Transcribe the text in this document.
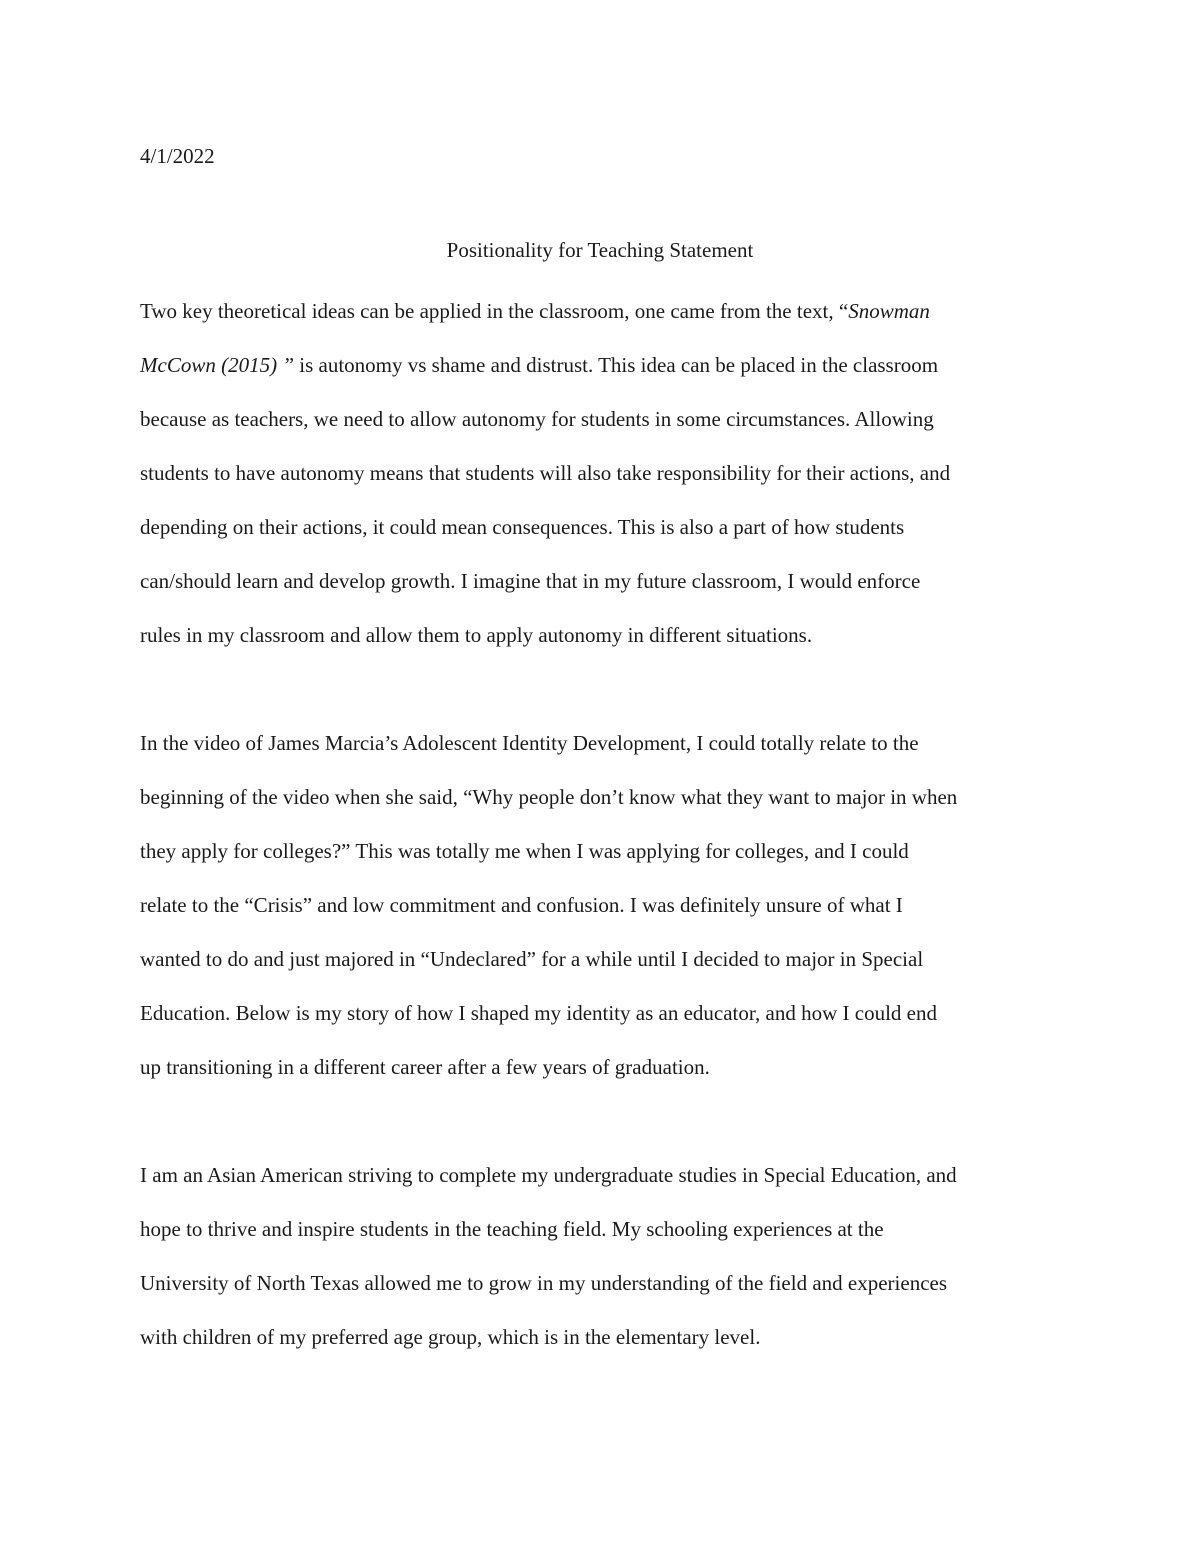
4/1/2022
Positionality for Teaching Statement
Two key theoretical ideas can be applied in the classroom, one came from the text, “Snowman
McCown (2015) ” is autonomy vs shame and distrust. This idea can be placed in the classroom
because as teachers, we need to allow autonomy for students in some circumstances. Allowing
students to have autonomy means that students will also take responsibility for their actions, and
depending on their actions, it could mean consequences. This is also a part of how students
can/should learn and develop growth. I imagine that in my future classroom, I would enforce
rules in my classroom and allow them to apply autonomy in different situations.
In the video of James Marcia’s Adolescent Identity Development, I could totally relate to the
beginning of the video when she said, “Why people don’t know what they want to major in when
they apply for colleges?” This was totally me when I was applying for colleges, and I could
relate to the “Crisis” and low commitment and confusion. I was definitely unsure of what I
wanted to do and just majored in “Undeclared” for a while until I decided to major in Special
Education. Below is my story of how I shaped my identity as an educator, and how I could end
up transitioning in a different career after a few years of graduation.
I am an Asian American striving to complete my undergraduate studies in Special Education, and
hope to thrive and inspire students in the teaching field. My schooling experiences at the
University of North Texas allowed me to grow in my understanding of the field and experiences
with children of my preferred age group, which is in the elementary level.
